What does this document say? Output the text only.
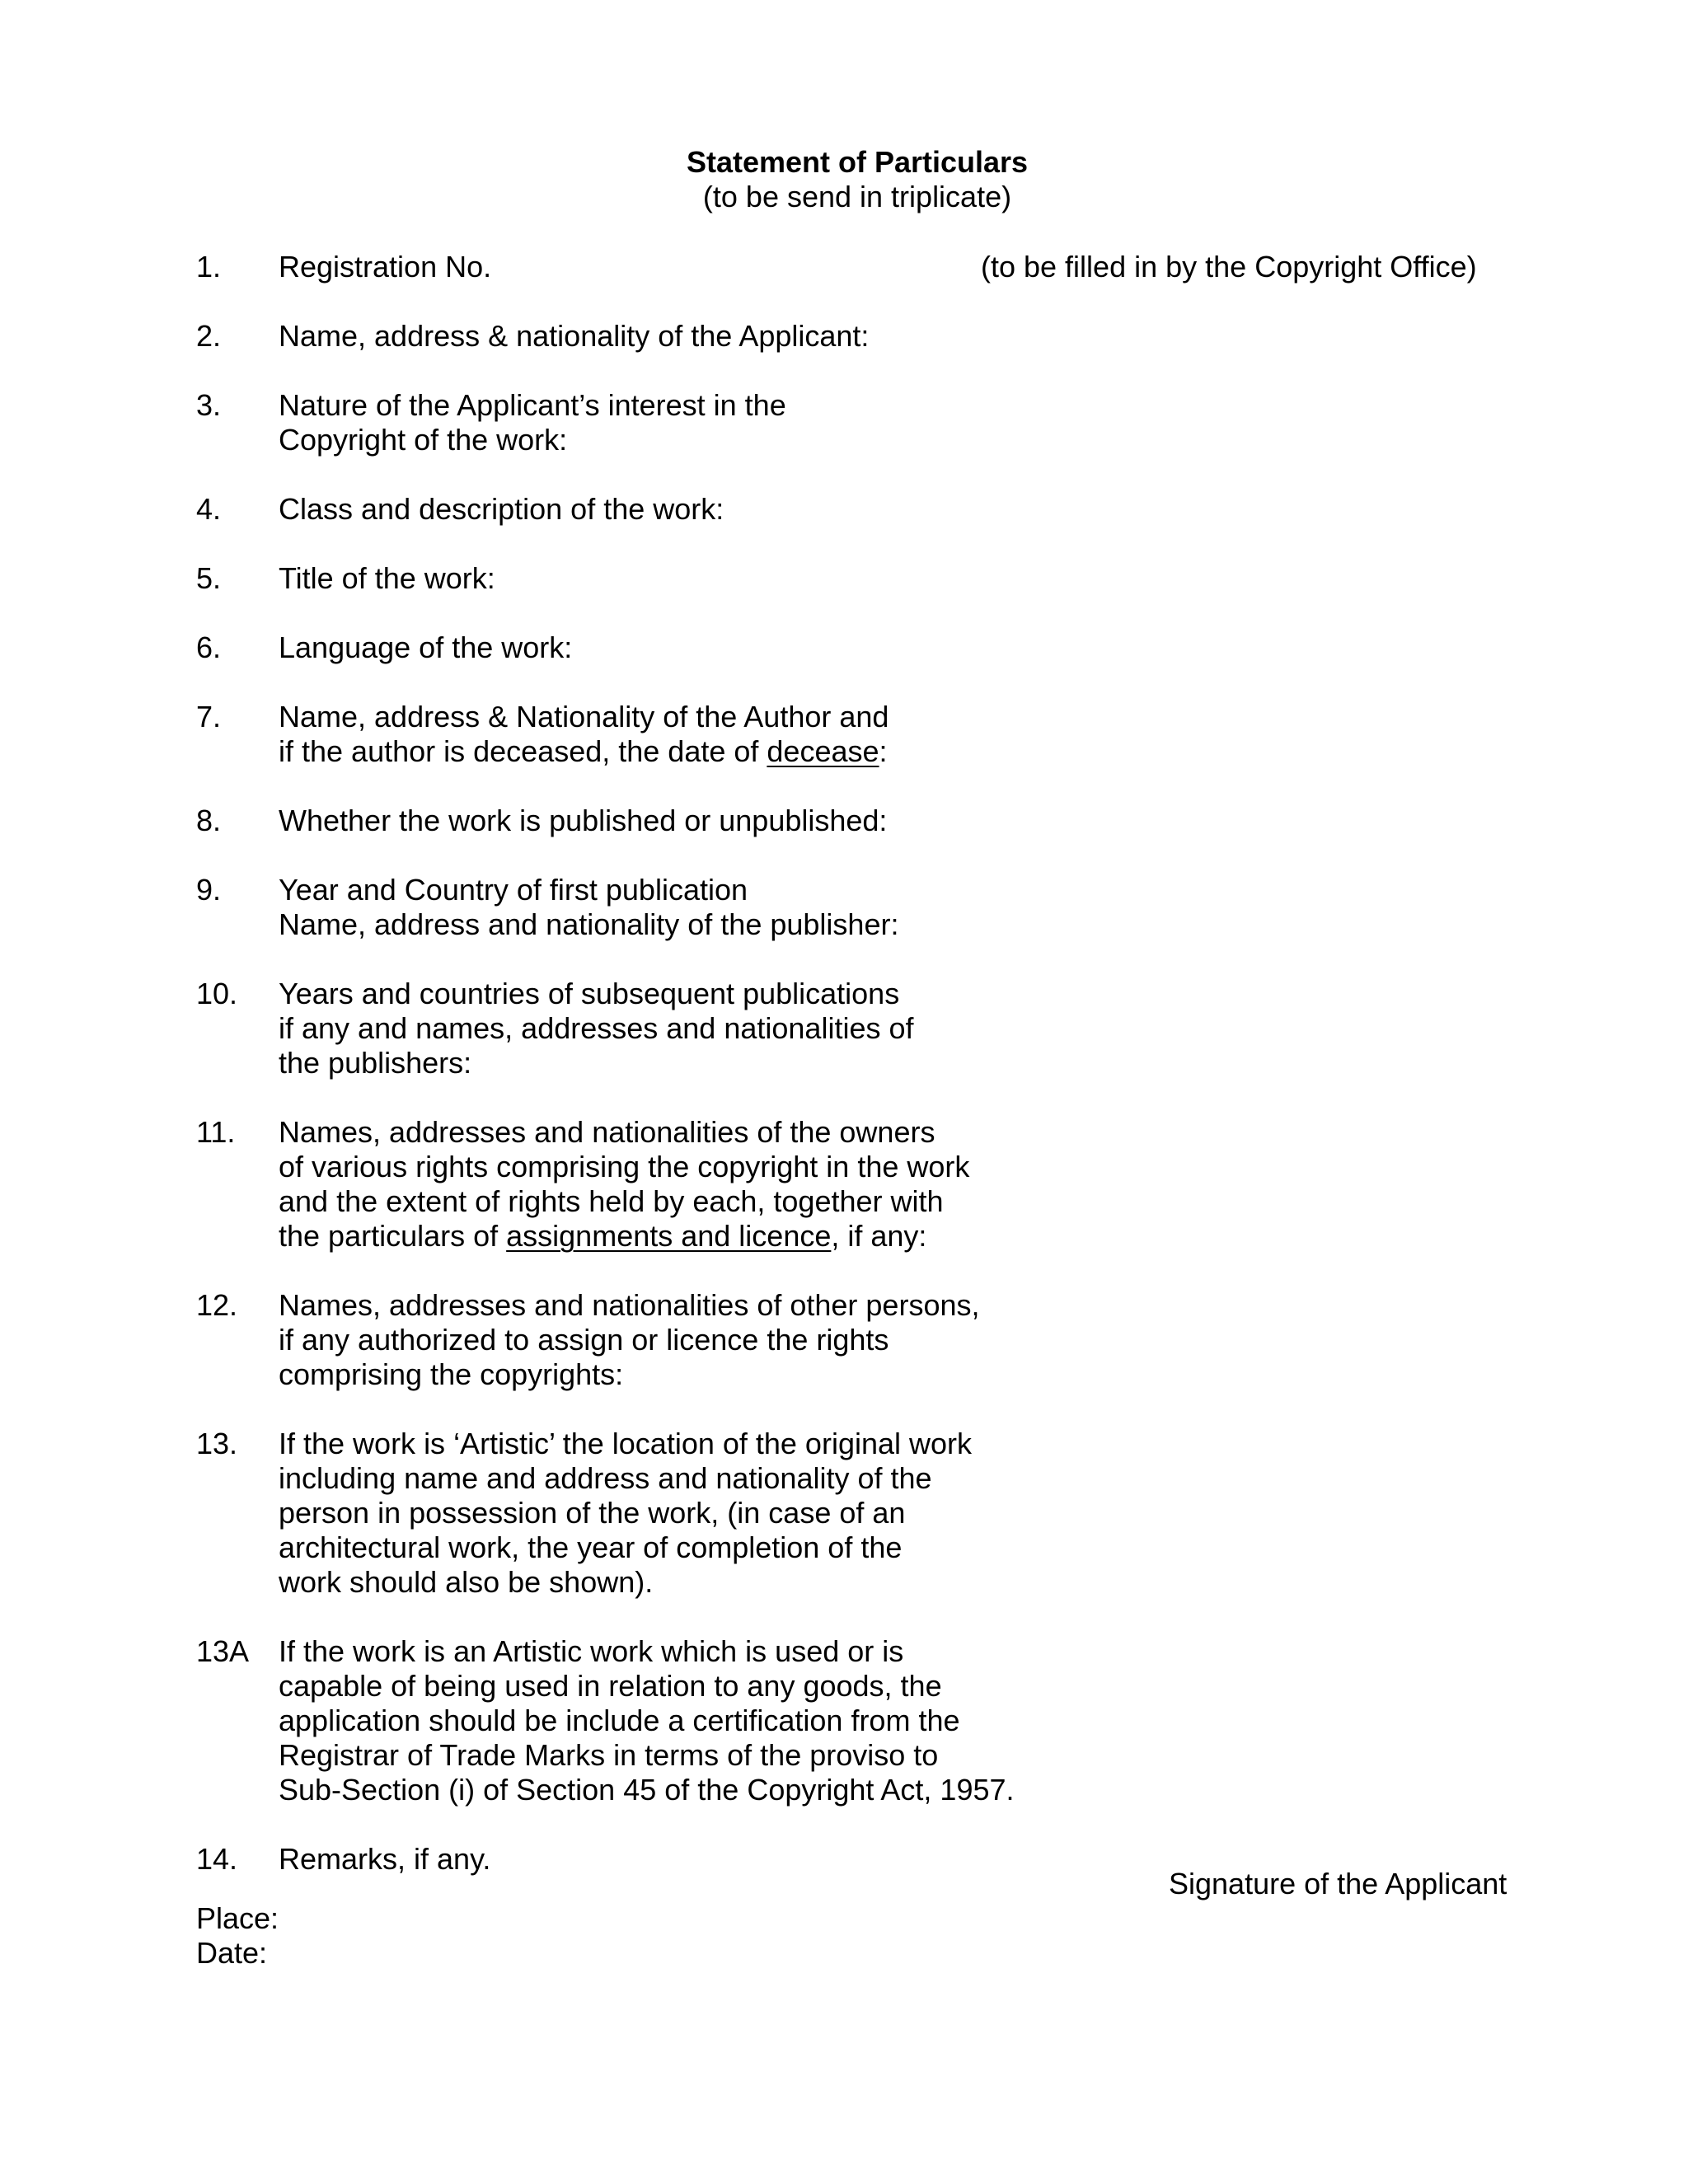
Statement of Particulars
(to be send in triplicate)
(to be filled in by the Copyright Office)
1.	Registration No.
2.	Name, address & nationality of the Applicant:
3.	Nature of the Applicant’s interest in the
Copyright of the work:
4.	Class and description of the work:
5.	Title of the work:
6.	Language of the work:
7.	Name, address & Nationality of the Author and
if the author is deceased, the date of decease:
8.	Whether the work is published or unpublished:
9.	Year and Country of first publication
Name, address and nationality of the publisher:
10.	Years and countries of subsequent publications
if any and names, addresses and nationalities of
the publishers:
11.	Names, addresses and nationalities of the owners
of various rights comprising the copyright in the work
and the extent of rights held by each, together with
the particulars of assignments and licence, if any:
12.	Names, addresses and nationalities of other persons,
if any authorized to assign or licence the rights
comprising the copyrights:
13.	If the work is ‘Artistic’ the location of the original work
including name and address and nationality of the
person in possession of the work, (in case of an
architectural work, the year of completion of the
work should also be shown).
13A If the work is an Artistic work which is used or is
capable of being used in relation to any goods, the
application should be include a certification from the
Registrar of Trade Marks in terms of the proviso to
Sub-Section (i) of Section 45 of the Copyright Act, 1957.
14.	Remarks, if any.
Signature of the Applicant
Place:
Date:
